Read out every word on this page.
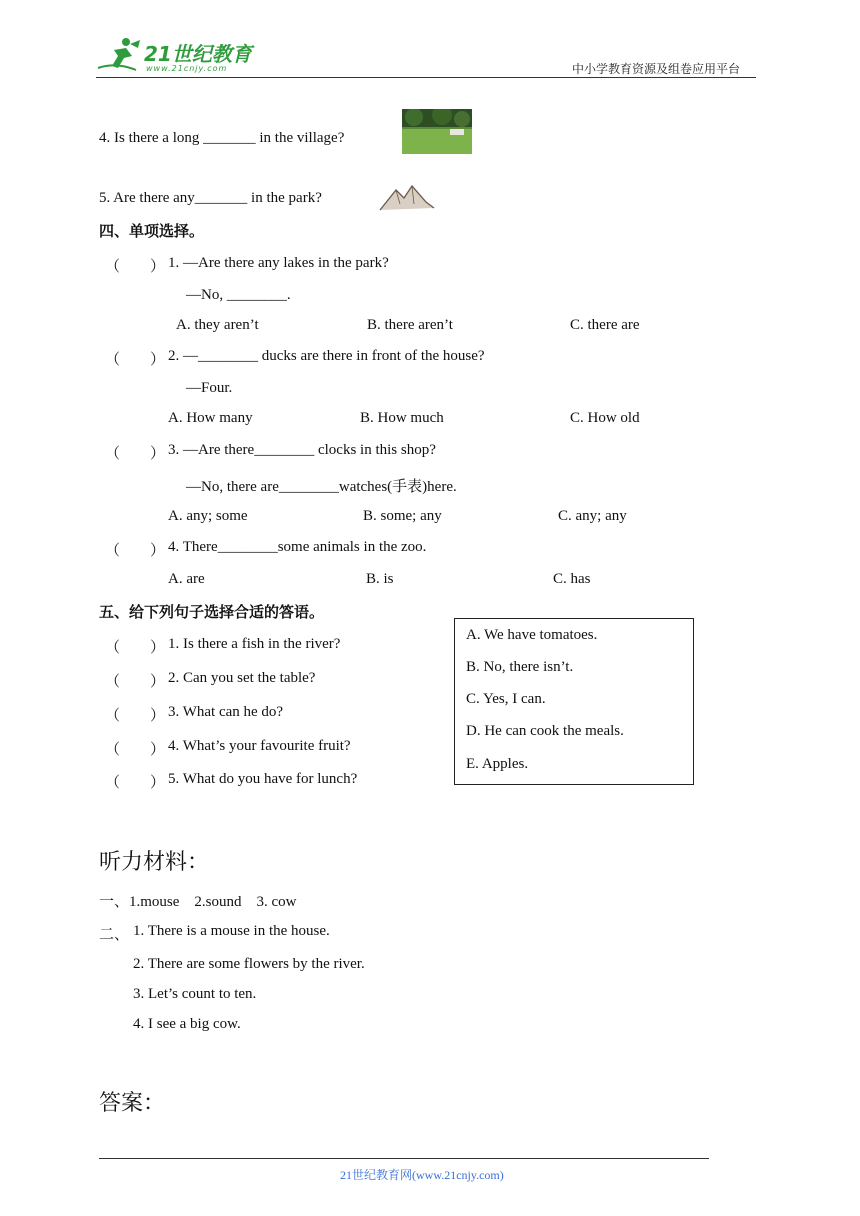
21世纪教育
www.21cnjy.com	中小学教育资源及组卷应用平台
4. Is there a long _______ in the village?
5. Are there any_______ in the park?
四、单项选择。
（　　） 1. —Are there any lakes in the park?
—No, ________.
A. they aren’t	B. there aren’t	C. there are
（　　） 2. —________ ducks are there in front of the house?
—Four.
A. How many	B. How much	C. How old
（　　） 3. —Are there________ clocks in this shop?
—No, there are________watches(手表)here.
A. any; some	B. some; any	C. any; any
（　　） 4. There________some animals in the zoo.
A. are	B. is	C. has
五、给下列句子选择合适的答语。
（　　） 1. Is there a fish in the river?
（　　） 2. Can you set the table?
（　　） 3. What can he do?
（　　） 4. What’s your favourite fruit?
（　　） 5. What do you have for lunch?
A. We have tomatoes.
B. No, there isn’t.
C. Yes, I can.
D. He can cook the meals.
E. Apples.
听力材料：
一、1.mouse　2.sound　3. cow
二、 1. There is a mouse in the house.
2. There are some flowers by the river.
3. Let’s count to ten.
4. I see a big cow.
答案：
21世纪教育网(www.21cnjy.com)
